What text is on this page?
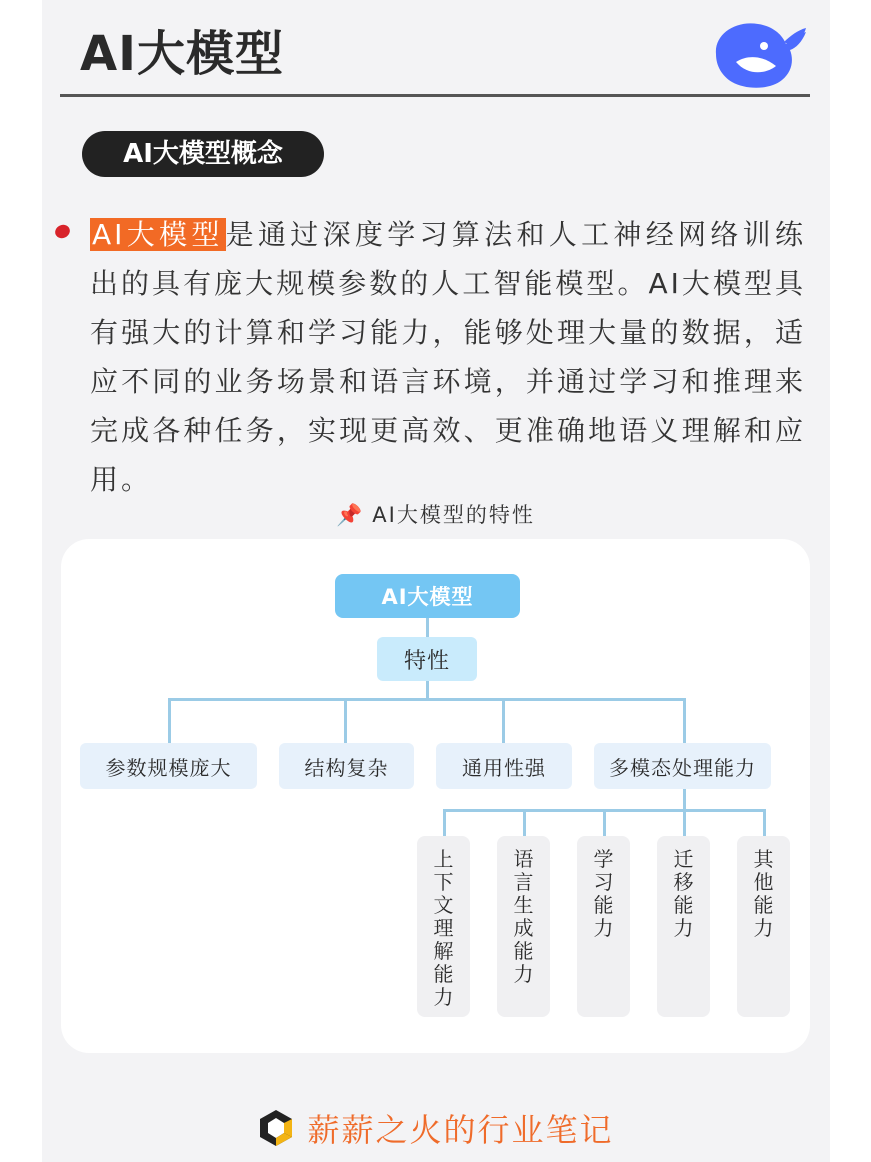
AI大模型
AI大模型概念
AI大模型是通过深度学习算法和人工神经网络训练出的具有庞大规模参数的人工智能模型。AI大模型具有强大的计算和学习能力，能够处理大量的数据，适应不同的业务场景和语言环境，并通过学习和推理来完成各种任务，实现更高效、更准确地语义理解和应用。
📌 AI大模型的特性
AI大模型
特性
参数规模庞大	结构复杂	通用性强	多模态处理能力
上
下
文
理
解
能
力
语
言
生
成
能
力
学
习
能
力
迁
移
能
力
其
他
能
力
薪薪之火的行业笔记
